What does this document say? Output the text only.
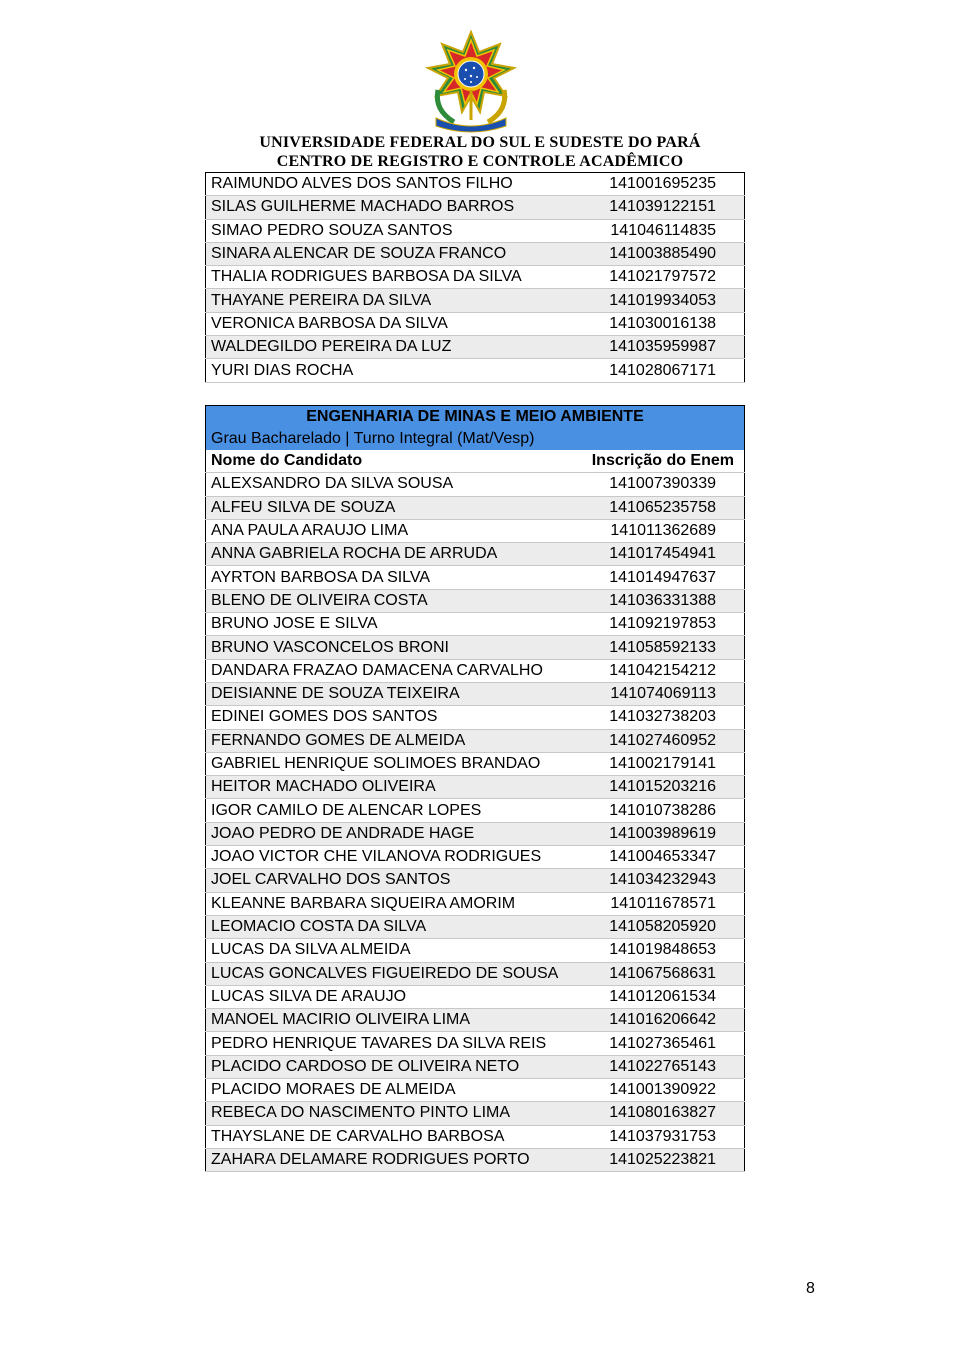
UNIVERSIDADE FEDERAL DO SUL E SUDESTE DO PARÁ
CENTRO DE REGISTRO E CONTROLE ACADÊMICO
RAIMUNDO ALVES DOS SANTOS FILHO	141001695235
SILAS GUILHERME MACHADO BARROS	141039122151
SIMAO PEDRO SOUZA SANTOS	141046114835
SINARA ALENCAR DE SOUZA FRANCO	141003885490
THALIA RODRIGUES BARBOSA DA SILVA	141021797572
THAYANE PEREIRA DA SILVA	141019934053
VERONICA BARBOSA DA SILVA	141030016138
WALDEGILDO PEREIRA DA LUZ	141035959987
YURI DIAS ROCHA	141028067171
ENGENHARIA DE MINAS E MEIO AMBIENTE	
Grau Bacharelado | Turno Integral (Mat/Vesp)	
Nome do Candidato	Inscrição do Enem
ALEXSANDRO DA SILVA SOUSA	141007390339
ALFEU SILVA DE SOUZA	141065235758
ANA PAULA ARAUJO LIMA	141011362689
ANNA GABRIELA ROCHA DE ARRUDA	141017454941
AYRTON BARBOSA DA SILVA	141014947637
BLENO DE OLIVEIRA COSTA	141036331388
BRUNO JOSE E SILVA	141092197853
BRUNO VASCONCELOS BRONI	141058592133
DANDARA FRAZAO DAMACENA CARVALHO	141042154212
DEISIANNE DE SOUZA TEIXEIRA	141074069113
EDINEI GOMES DOS SANTOS	141032738203
FERNANDO GOMES DE ALMEIDA	141027460952
GABRIEL HENRIQUE SOLIMOES BRANDAO	141002179141
HEITOR MACHADO OLIVEIRA	141015203216
IGOR CAMILO DE ALENCAR LOPES	141010738286
JOAO PEDRO DE ANDRADE HAGE	141003989619
JOAO VICTOR CHE VILANOVA RODRIGUES	141004653347
JOEL CARVALHO DOS SANTOS	141034232943
KLEANNE BARBARA SIQUEIRA AMORIM	141011678571
LEOMACIO COSTA DA SILVA	141058205920
LUCAS DA SILVA ALMEIDA	141019848653
LUCAS GONCALVES FIGUEIREDO DE SOUSA	141067568631
LUCAS SILVA DE ARAUJO	141012061534
MANOEL MACIRIO OLIVEIRA LIMA	141016206642
PEDRO HENRIQUE TAVARES DA SILVA REIS	141027365461
PLACIDO CARDOSO DE OLIVEIRA NETO	141022765143
PLACIDO MORAES DE ALMEIDA	141001390922
REBECA DO NASCIMENTO PINTO LIMA	141080163827
THAYSLANE DE CARVALHO BARBOSA	141037931753
ZAHARA DELAMARE RODRIGUES PORTO	141025223821
8
